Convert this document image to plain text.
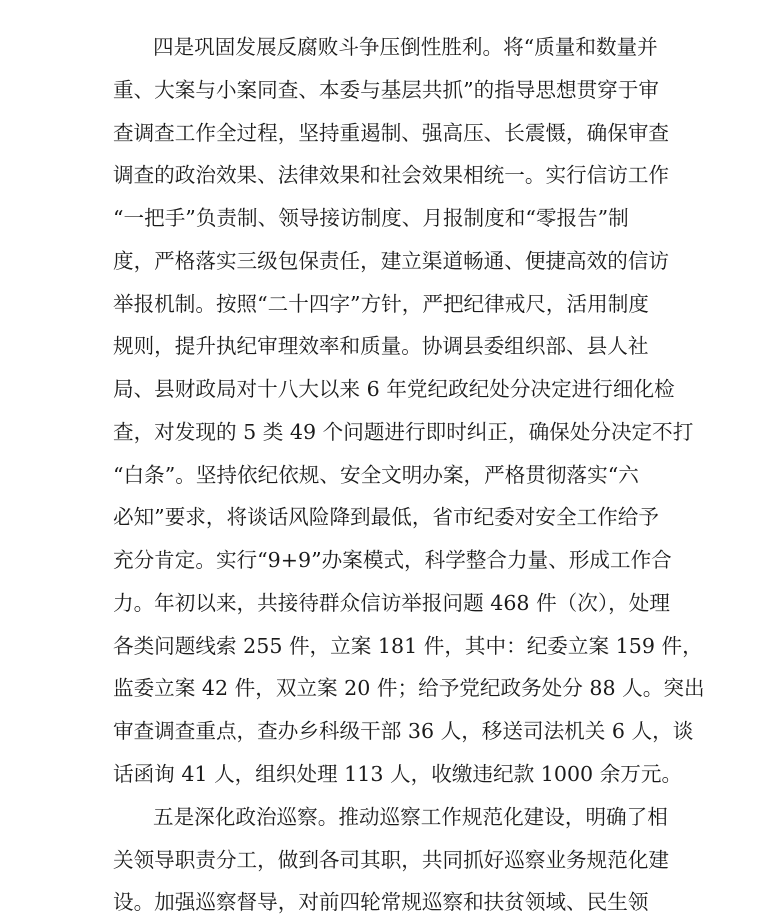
四是巩固发展反腐败斗争压倒性胜利。将“质量和数量并

重、大案与小案同查、本委与基层共抓”的指导思想贯穿于审

查调查工作全过程，坚持重遏制、强高压、长震慑，确保审查

调查的政治效果、法律效果和社会效果相统一。实行信访工作

“一把手”负责制、领导接访制度、月报制度和“零报告”制

度，严格落实三级包保责任，建立渠道畅通、便捷高效的信访

举报机制。按照“二十四字”方针，严把纪律戒尺，活用制度

规则，提升执纪审理效率和质量。协调县委组织部、县人社

局、县财政局对十八大以来 6 年党纪政纪处分决定进行细化检

查，对发现的 5 类 49 个问题进行即时纠正，确保处分决定不打

“白条”。坚持依纪依规、安全文明办案，严格贯彻落实“六

必知”要求，将谈话风险降到最低，省市纪委对安全工作给予

充分肯定。实行“9+9”办案模式，科学整合力量、形成工作合

力。年初以来，共接待群众信访举报问题 468 件（次），处理

各类问题线索 255 件，立案 181 件，其中：纪委立案 159 件，

监委立案 42 件，双立案 20 件；给予党纪政务处分 88 人。突出

审查调查重点，查办乡科级干部 36 人，移送司法机关 6 人，谈

话函询 41 人，组织处理 113 人，收缴违纪款 1000 余万元。

五是深化政治巡察。推动巡察工作规范化建设，明确了相

关领导职责分工，做到各司其职，共同抓好巡察业务规范化建

设。加强巡察督导，对前四轮常规巡察和扶贫领域、民生领
